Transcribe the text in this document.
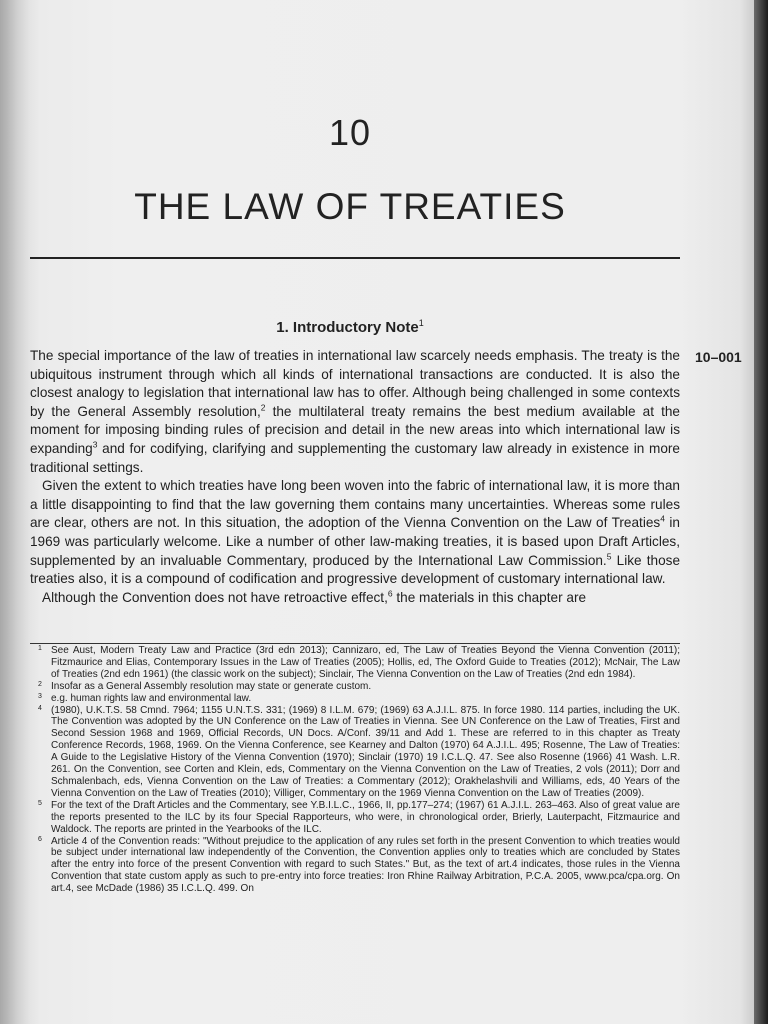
10
THE LAW OF TREATIES
1. Introductory Note$^1$
10–001

The special importance of the law of treaties in international law scarcely needs emphasis. The treaty is the ubiquitous instrument through which all kinds of international transactions are conducted. It is also the closest analogy to legislation that international law has to offer. Although being challenged in some contexts by the General Assembly resolution,$^2$ the multilateral treaty remains the best medium available at the moment for imposing binding rules of precision and detail in the new areas into which international law is expanding$^3$ and for codifying, clarifying and supplementing the customary law already in existence in more traditional settings.

Given the extent to which treaties have long been woven into the fabric of international law, it is more than a little disappointing to find that the law governing them contains many uncertainties. Whereas some rules are clear, others are not. In this situation, the adoption of the Vienna Convention on the Law of Treaties$^4$ in 1969 was particularly welcome. Like a number of other law-making treaties, it is based upon Draft Articles, supplemented by an invaluable Commentary, produced by the International Law Commission.$^5$ Like those treaties also, it is a compound of codification and progressive development of customary international law.

Although the Convention does not have retroactive effect,$^6$ the materials in this chapter are

1 See Aust, Modern Treaty Law and Practice (3rd edn 2013); Cannizaro, ed, The Law of Treaties Beyond the Vienna Convention (2011); Fitzmaurice and Elias, Contemporary Issues in the Law of Treaties (2005); Hollis, ed, The Oxford Guide to Treaties (2012); McNair, The Law of Treaties (2nd edn 1961) (the classic work on the subject); Sinclair, The Vienna Convention on the Law of Treaties (2nd edn 1984).

2 Insofar as a General Assembly resolution may state or generate custom.

3 e.g. human rights law and environmental law.

4 (1980), U.K.T.S. 58 Cmnd. 7964; 1155 U.N.T.S. 331; (1969) 8 I.L.M. 679; (1969) 63 A.J.I.L. 875. In force 1980. 114 parties, including the UK. The Convention was adopted by the UN Conference on the Law of Treaties in Vienna. See UN Conference on the Law of Treaties, First and Second Session 1968 and 1969, Official Records, UN Docs. A/Conf. 39/11 and Add 1. These are referred to in this chapter as Treaty Conference Records, 1968, 1969. On the Vienna Conference, see Kearney and Dalton (1970) 64 A.J.I.L. 495; Rosenne, The Law of Treaties: A Guide to the Legislative History of the Vienna Convention (1970); Sinclair (1970) 19 I.C.L.Q. 47. See also Rosenne (1966) 41 Wash. L.R. 261. On the Convention, see Corten and Klein, eds, Commentary on the Vienna Convention on the Law of Treaties, 2 vols (2011); Dorr and Schmalenbach, eds, Vienna Convention on the Law of Treaties: a Commentary (2012); Orakhelashvili and Williams, eds, 40 Years of the Vienna Convention on the Law of Treaties (2010); Villiger, Commentary on the 1969 Vienna Convention on the Law of Treaties (2009).

5 For the text of the Draft Articles and the Commentary, see Y.B.I.L.C., 1966, II, pp.177–274; (1967) 61 A.J.I.L. 263–463. Also of great value are the reports presented to the ILC by its four Special Rapporteurs, who were, in chronological order, Brierly, Lauterpacht, Fitzmaurice and Waldock. The reports are printed in the Yearbooks of the ILC.

6 Article 4 of the Convention reads: "Without prejudice to the application of any rules set forth in the present Convention to which treaties would be subject under international law independently of the Convention, the Convention applies only to treaties which are concluded by States after the entry into force of the present Convention with regard to such States." But, as the text of art.4 indicates, those rules in the Vienna Convention that state custom apply as such to pre-entry into force treaties: Iron Rhine Railway Arbitration, P.C.A. 2005, www.pca/cpa.org. On art.4, see McDade (1986) 35 I.C.L.Q. 499. On
